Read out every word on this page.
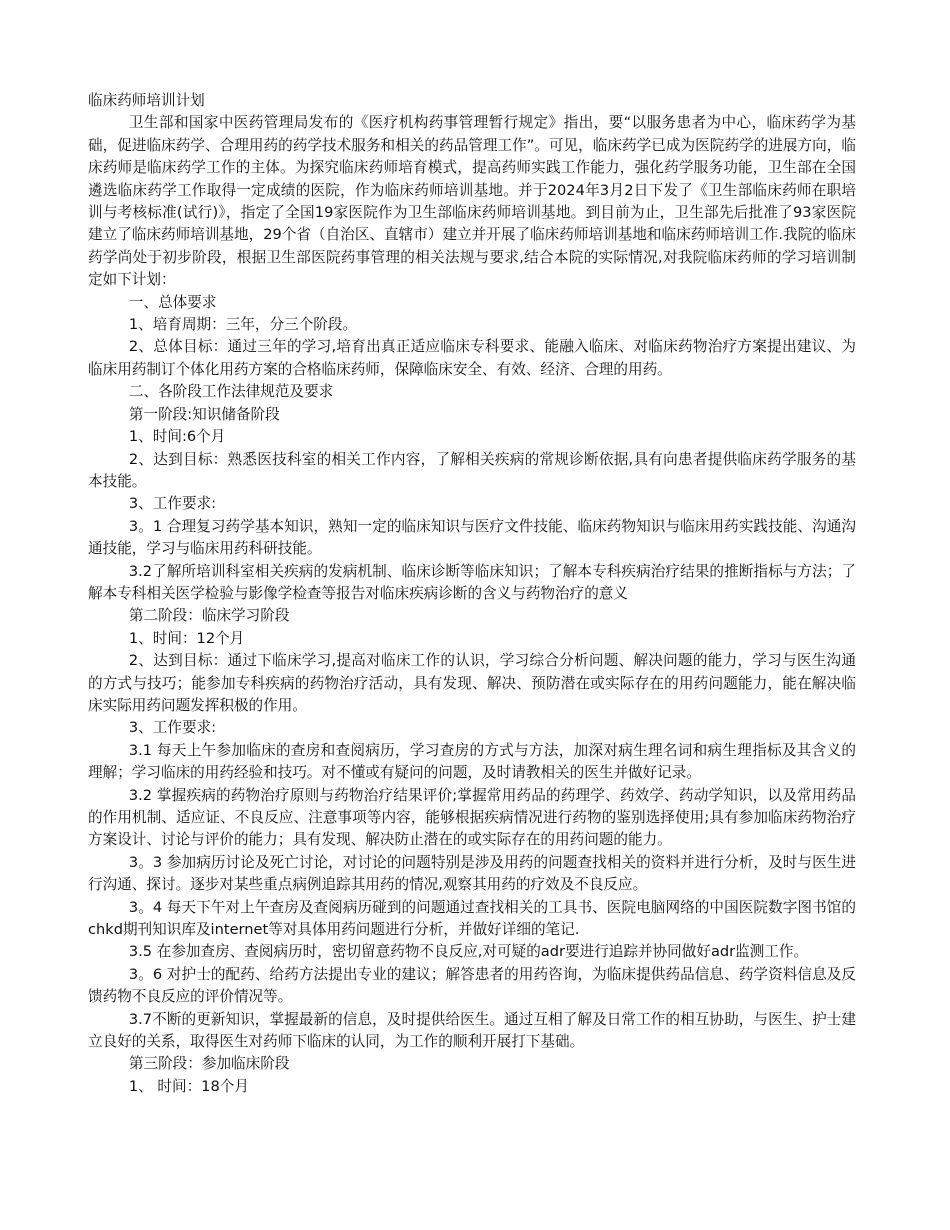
临床药师培训计划

卫生部和国家中医药管理局发布的《医疗机构药事管理暂行规定》指出，要“以服务患者为中心，临床药学为基础，促进临床药学、合理用药的药学技术服务和相关的药品管理工作”。可见，临床药学已成为医院药学的进展方向，临床药师是临床药学工作的主体。为探究临床药师培育模式，提高药师实践工作能力，强化药学服务功能，卫生部在全国遴选临床药学工作取得一定成绩的医院，作为临床药师培训基地。并于2024年3月2日下发了《卫生部临床药师在职培训与考核标准(试行)》，指定了全国19家医院作为卫生部临床药师培训基地。到目前为止，卫生部先后批准了93家医院建立了临床药师培训基地，29个省（自治区、直辖市）建立并开展了临床药师培训基地和临床药师培训工作.我院的临床药学尚处于初步阶段，根据卫生部医院药事管理的相关法规与要求,结合本院的实际情况,对我院临床药师的学习培训制定如下计划：

一、总体要求

1、培育周期：三年，分三个阶段。

2、总体目标：通过三年的学习,培育出真正适应临床专科要求、能融入临床、对临床药物治疗方案提出建议、为临床用药制订个体化用药方案的合格临床药师，保障临床安全、有效、经济、合理的用药。

二、各阶段工作法律规范及要求

第一阶段:知识储备阶段

1、时间:6个月

2、达到目标：熟悉医技科室的相关工作内容，了解相关疾病的常规诊断依据,具有向患者提供临床药学服务的基本技能。

3、工作要求:

3。1 合理复习药学基本知识，熟知一定的临床知识与医疗文件技能、临床药物知识与临床用药实践技能、沟通沟通技能，学习与临床用药科研技能。

3.2了解所培训科室相关疾病的发病机制、临床诊断等临床知识；了解本专科疾病治疗结果的推断指标与方法；了解本专科相关医学检验与影像学检查等报告对临床疾病诊断的含义与药物治疗的意义

第二阶段：临床学习阶段

1、时间：12个月

2、达到目标：通过下临床学习,提高对临床工作的认识，学习综合分析问题、解决问题的能力，学习与医生沟通的方式与技巧；能参加专科疾病的药物治疗活动，具有发现、解决、预防潜在或实际存在的用药问题能力，能在解决临床实际用药问题发挥积极的作用。

3、工作要求:

3.1 每天上午参加临床的查房和查阅病历，学习查房的方式与方法，加深对病生理名词和病生理指标及其含义的理解；学习临床的用药经验和技巧。对不懂或有疑问的问题，及时请教相关的医生并做好记录。

3.2 掌握疾病的药物治疗原则与药物治疗结果评价;掌握常用药品的药理学、药效学、药动学知识，以及常用药品的作用机制、适应证、不良反应、注意事项等内容，能够根据疾病情况进行药物的鉴别选择使用;具有参加临床药物治疗方案设计、讨论与评价的能力；具有发现、解决防止潜在的或实际存在的用药问题的能力。

3。3 参加病历讨论及死亡讨论，对讨论的问题特别是涉及用药的问题查找相关的资料并进行分析，及时与医生进行沟通、探讨。逐步对某些重点病例追踪其用药的情况,观察其用药的疗效及不良反应。

3。4 每天下午对上午查房及查阅病历碰到的问题通过查找相关的工具书、医院电脑网络的中国医院数字图书馆的chkd期刊知识库及internet等对具体用药问题进行分析，并做好详细的笔记.

3.5 在参加查房、查阅病历时，密切留意药物不良反应,对可疑的adr要进行追踪并协同做好adr监测工作。

3。6 对护士的配药、给药方法提出专业的建议；解答患者的用药咨询，为临床提供药品信息、药学资料信息及反馈药物不良反应的评价情况等。

3.7不断的更新知识，掌握最新的信息，及时提供给医生。通过互相了解及日常工作的相互协助，与医生、护士建立良好的关系，取得医生对药师下临床的认同，为工作的顺利开展打下基础。

第三阶段：参加临床阶段

1、 时间：18个月
